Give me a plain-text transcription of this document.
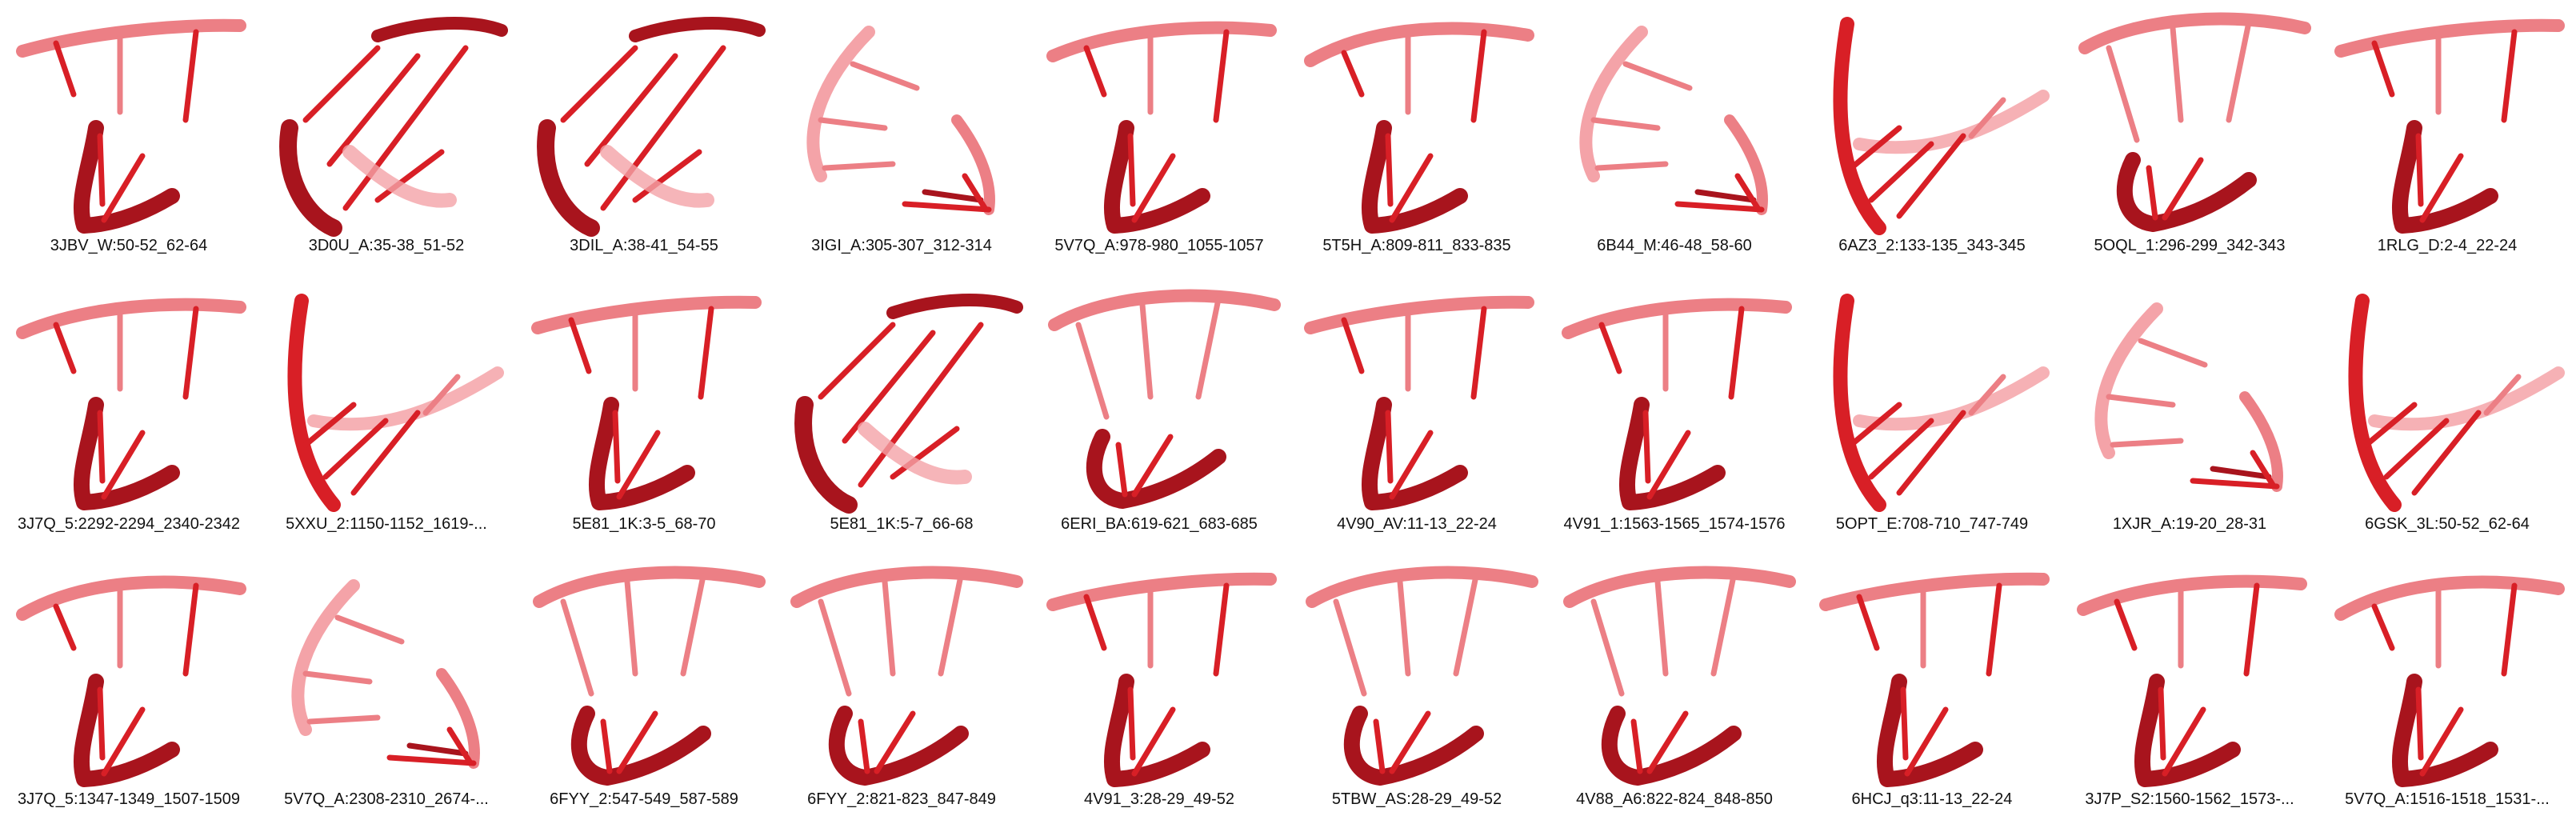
3JBV_W:50-52_62-64	3D0U_A:35-38_51-52	3DIL_A:38-41_54-55	3IGI_A:305-307_312-314	5V7Q_A:978-980_1055-1057	5T5H_A:809-811_833-835	6B44_M:46-48_58-60	6AZ3_2:133-135_343-345	5OQL_1:296-299_342-343	1RLG_D:2-4_22-24
3J7Q_5:2292-2294_2340-2342	5XXU_2:1150-1152_1619-...	5E81_1K:3-5_68-70	5E81_1K:5-7_66-68	6ERI_BA:619-621_683-685	4V90_AV:11-13_22-24	4V91_1:1563-1565_1574-1576	5OPT_E:708-710_747-749	1XJR_A:19-20_28-31	6GSK_3L:50-52_62-64
3J7Q_5:1347-1349_1507-1509	5V7Q_A:2308-2310_2674-...	6FYY_2:547-549_587-589	6FYY_2:821-823_847-849	4V91_3:28-29_49-52	5TBW_AS:28-29_49-52	4V88_A6:822-824_848-850	6HCJ_q3:11-13_22-24	3J7P_S2:1560-1562_1573-...	5V7Q_A:1516-1518_1531-...
